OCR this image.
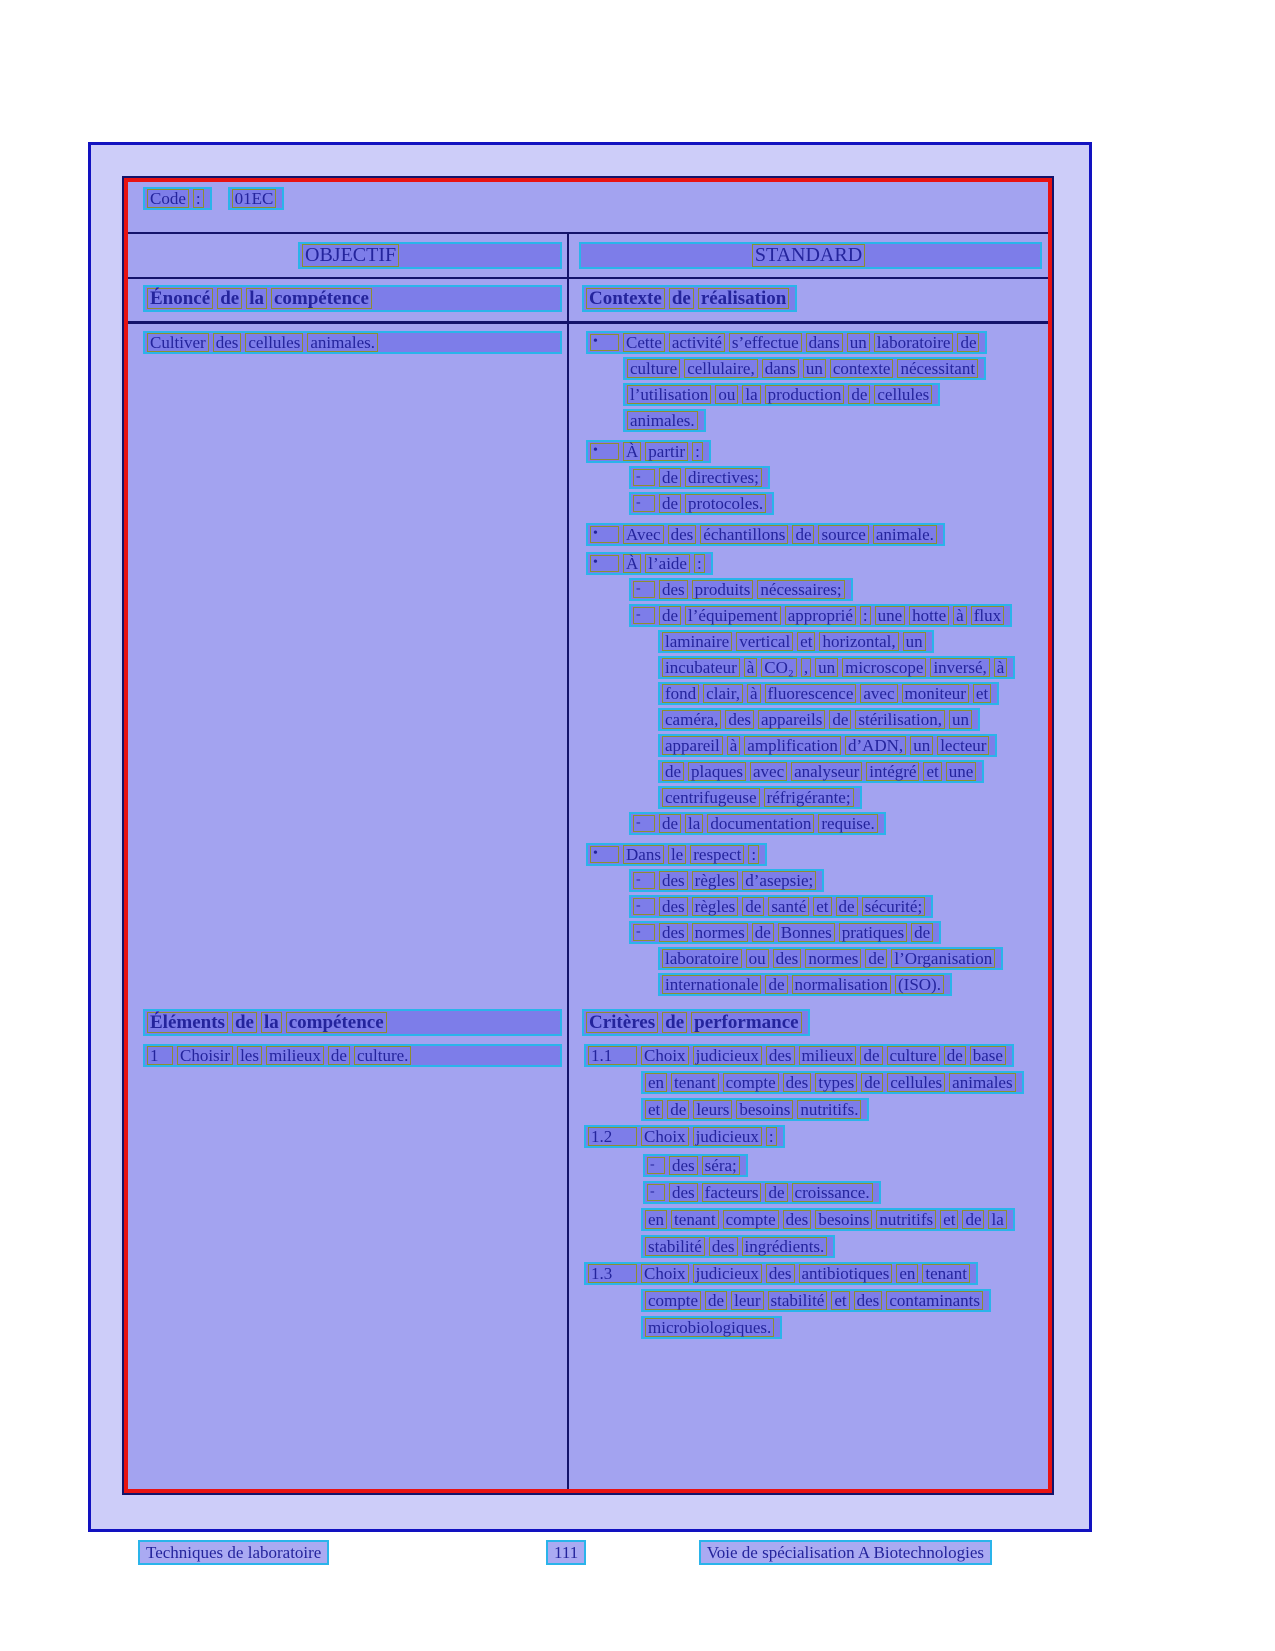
Code : 01EC
OBJECTIF	STANDARD
Énoncé de la compétence	Contexte de réalisation
Cultiver des cellules animales.	•	Cette activité s’effectue dans un laboratoire de
culture cellulaire, dans un contexte nécessitant
l’utilisation ou la production de cellules
animales.
•	À partir :
-	de directives;
-	de protocoles.
•	Avec des échantillons de source animale.
•	À l’aide :
-	des produits nécessaires;
-	de l’équipement approprié : une hotte à flux
laminaire vertical et horizontal, un
incubateur à CO₂ , un microscope inversé, à
fond clair, à fluorescence avec moniteur et
caméra, des appareils de stérilisation, un
appareil à amplification d’ADN, un lecteur
de plaques avec analyseur intégré et une
centrifugeuse réfrigérante;
-	de la documentation requise.
•	Dans le respect :
-	des règles d’asepsie;
-	des règles de santé et de sécurité;
-	des normes de Bonnes pratiques de
laboratoire ou des normes de l’Organisation
internationale de normalisation (ISO).
Éléments de la compétence	Critères de performance
1	Choisir les milieux de culture.	1.1	Choix judicieux des milieux de culture de base
en tenant compte des types de cellules animales
et de leurs besoins nutritifs.
1.2	Choix judicieux :
-	des séra;
-	des facteurs de croissance.
en tenant compte des besoins nutritifs et de la
stabilité des ingrédients.
1.3	Choix judicieux des antibiotiques en tenant
compte de leur stabilité et des contaminants
microbiologiques.
Techniques de laboratoire	111	Voie de spécialisation A Biotechnologies
